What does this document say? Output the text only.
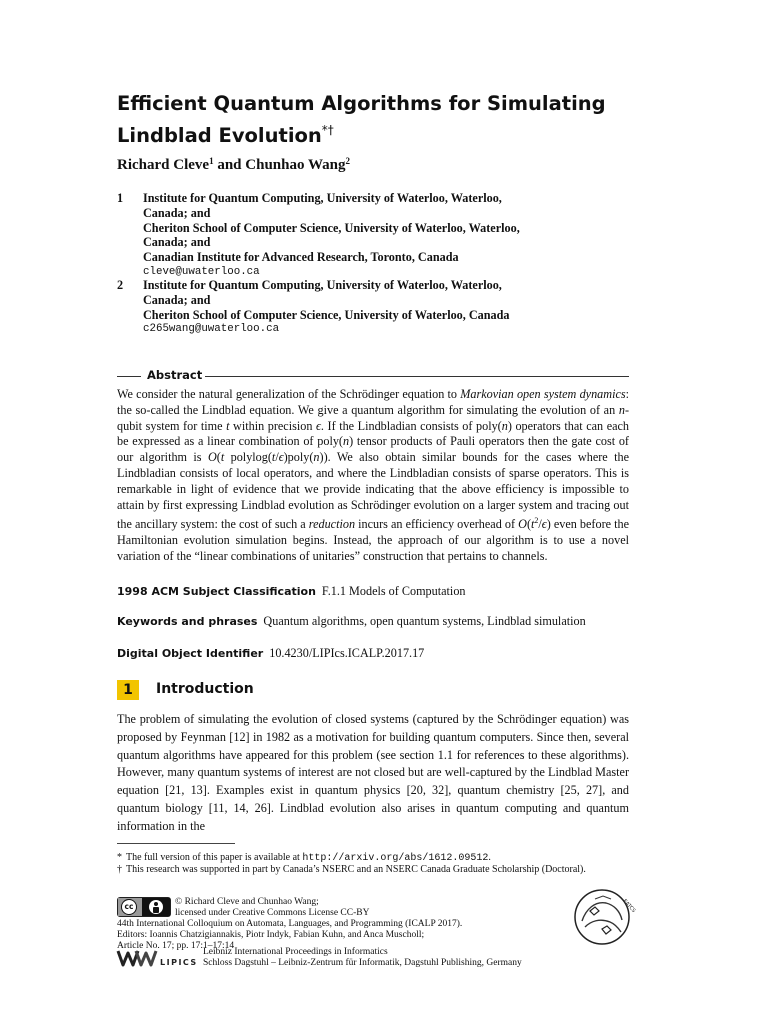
Efficient Quantum Algorithms for Simulating Lindblad Evolution*†
Richard Cleve$^1$ and Chunhao Wang$^2$
1 Institute for Quantum Computing, University of Waterloo, Waterloo,
Canada; and
Cheriton School of Computer Science, University of Waterloo, Waterloo,
Canada; and
Canadian Institute for Advanced Research, Toronto, Canada
cleve@uwaterloo.ca
2 Institute for Quantum Computing, University of Waterloo, Waterloo,
Canada; and
Cheriton School of Computer Science, University of Waterloo, Canada
c265wang@uwaterloo.ca
Abstract

We consider the natural generalization of the Schrödinger equation to Markovian open system dynamics: the so-called the Lindblad equation. We give a quantum algorithm for simulating the evolution of an n-qubit system for time t within precision ϵ. If the Lindbladian consists of poly(n) operators that can each be expressed as a linear combination of poly(n) tensor products of Pauli operators then the gate cost of our algorithm is O(t polylog(t/ϵ)poly(n)). We also obtain similar bounds for the cases where the Lindbladian consists of local operators, and where the Lindbladian consists of sparse operators. This is remarkable in light of evidence that we provide indicating that the above efficiency is impossible to attain by first expressing Lindblad evolution as Schrödinger evolution on a larger system and tracing out the ancillary system: the cost of such a reduction incurs an efficiency overhead of $O(t^2/\epsilon)$ even before the Hamiltonian evolution simulation begins. Instead, the approach of our algorithm is to use a novel variation of the “linear combinations of unitaries” construction that pertains to channels.

1998 ACM Subject Classification F.1.1 Models of Computation
Keywords and phrases Quantum algorithms, open quantum systems, Lindblad simulation
Digital Object Identifier 10.4230/LIPIcs.ICALP.2017.17
1	Introduction

The problem of simulating the evolution of closed systems (captured by the Schrödinger equation) was proposed by Feynman [12] in 1982 as a motivation for building quantum computers. Since then, several quantum algorithms have appeared for this problem (see section 1.1 for references to these algorithms). However, many quantum systems of interest are not closed but are well-captured by the Lindblad Master equation [21, 13]. Examples exist in quantum physics [20, 32], quantum chemistry [25, 27], and quantum biology [11, 14, 26]. Lindblad evolution also arises in quantum computing and quantum information in the

* The full version of this paper is available at http://arxiv.org/abs/1612.09512.
† This research was supported in part by Canada’s NSERC and an NSERC Canada Graduate Scholarship (Doctoral).
cc	© Richard Cleve and Chunhao Wang;
licensed under Creative Commons License CC-BY
44th International Colloquium on Automata, Languages, and Programming (ICALP 2017).
Editors: Ioannis Chatzigiannakis, Piotr Indyk, Fabian Kuhn, and Anca Muscholl;
Article No. 17; pp. 17:1–17:14
LIPICS
Leibniz International Proceedings in Informatics
Schloss Dagstuhl – Leibniz-Zentrum für Informatik, Dagstuhl Publishing, Germany
EATCS
